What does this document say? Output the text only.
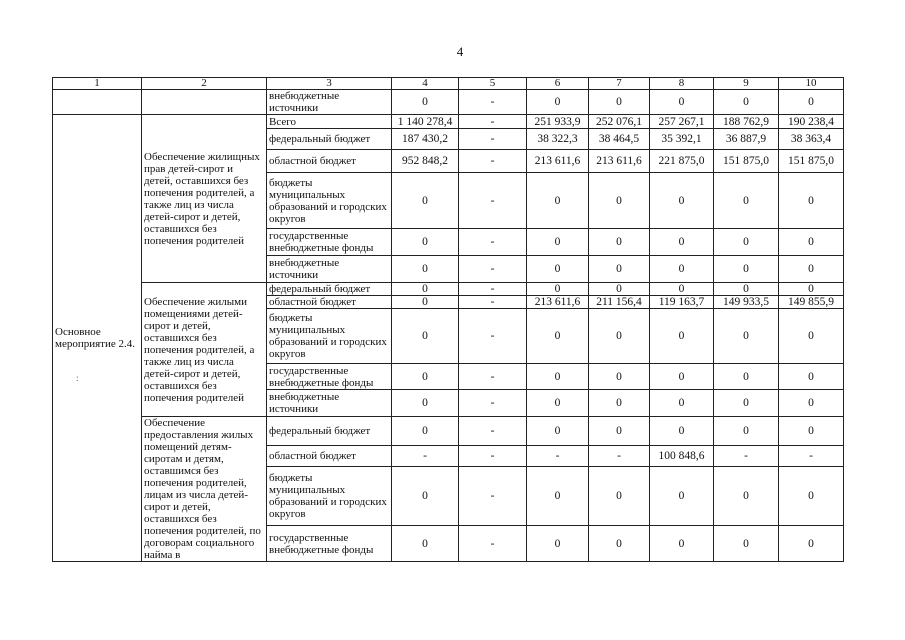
4
:
1	2	3	4	5	6	7	8	9	10
		внебюджетные источники	0	-	0	0	0	0	0
Основное мероприятие 2.4.	Обеспечение жилищных прав детей-сирот и детей, оставшихся без попечения родителей, а также лиц из числа детей-сирот и детей, оставшихся без попечения родителей	Всего	1 140 278,4	-	251 933,9	252 076,1	257 267,1	188 762,9	190 238,4
		федеральный бюджет	187 430,2	-	38 322,3	38 464,5	35 392,1	36 887,9	38 363,4
		областной бюджет	952 848,2	-	213 611,6	213 611,6	221 875,0	151 875,0	151 875,0
		бюджеты муниципальных образований и городских округов	0	-	0	0	0	0	0
		государственные внебюджетные фонды	0	-	0	0	0	0	0
		внебюджетные источники	0	-	0	0	0	0	0
	Обеспечение жилыми помещениями детей-сирот и детей, оставшихся без попечения родителей, а также лиц из числа детей-сирот и детей, оставшихся без попечения родителей	федеральный бюджет	0	-	0	0	0	0	0
		областной бюджет	0	-	213 611,6	211 156,4	119 163,7	149 933,5	149 855,9
		бюджеты муниципальных образований и городских округов	0	-	0	0	0	0	0
		государственные внебюджетные фонды	0	-	0	0	0	0	0
		внебюджетные источники	0	-	0	0	0	0	0
	Обеспечение предоставления жилых помещений детям-сиротам и детям, оставшимся без попечения родителей, лицам из числа детей-сирот и детей, оставшихся без попечения родителей, по договорам социального найма в	федеральный бюджет	0	-	0	0	0	0	0
		областной бюджет	-	-	-	-	100 848,6	-	-
		бюджеты муниципальных образований и городских округов	0	-	0	0	0	0	0
		государственные внебюджетные фонды	0	-	0	0	0	0	0
